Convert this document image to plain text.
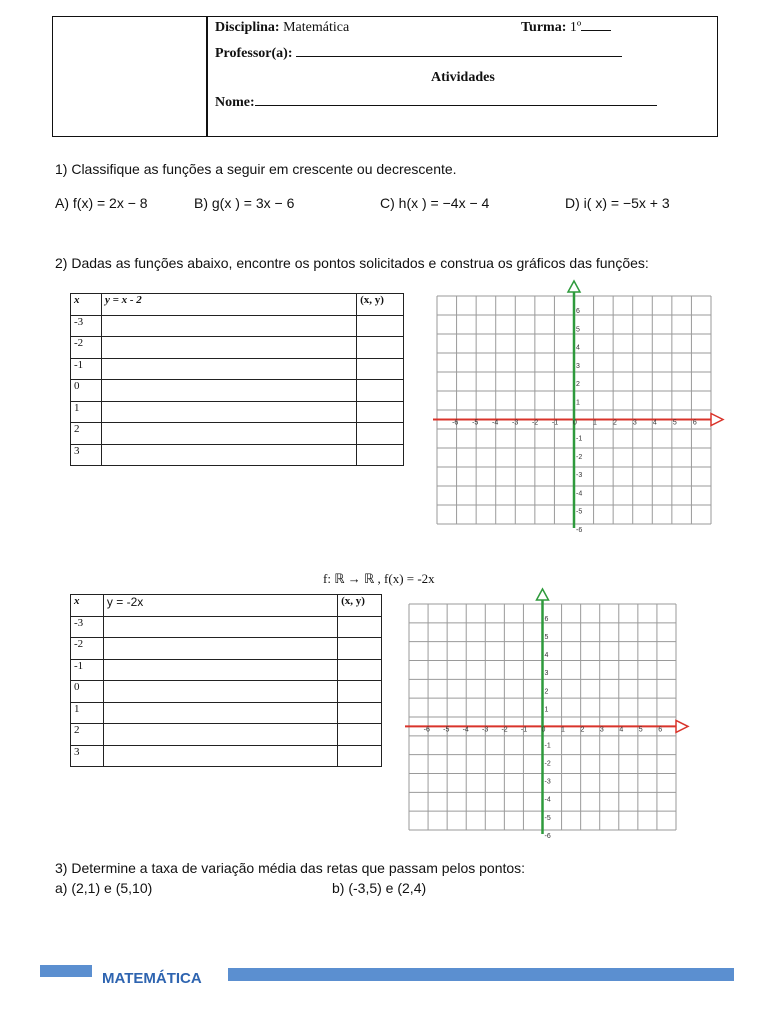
Disciplina: Matemática	Turma: 1º
Professor(a):
Atividades
Nome:
1) Classifique as funções a seguir em crescente ou decrescente.
A) f(x) = 2x − 8	B) g(x ) = 3x − 6	C) h(x ) = −4x − 4	D) i( x) = −5x + 3
2) Dadas as funções abaixo, encontre os pontos solicitados e construa os gráficos das funções:
x	y = x - 2	(x, y)
-3		
-2		
-1		
0		
1		
2		
3		
-6 -5 -4 -3 -2 -1 0 1 2 3 4 5 6
6
5
4
3
2
1
-1
-2
-3
-4
-5
-6
f: ℝ → ℝ , f(x) = -2x
x	y = -2x	(x, y)
-3		
-2		
-1		
0		
1		
2		
3		
-6 -5 -4 -3 -2 -1 0 1 2 3 4 5 6
6
5
4
3
2
1
-1
-2
-3
-4
-5
-6
3) Determine a taxa de variação média das retas que passam pelos pontos:
a) (2,1) e (5,10)	b) (-3,5) e (2,4)
MATEMÁTICA
